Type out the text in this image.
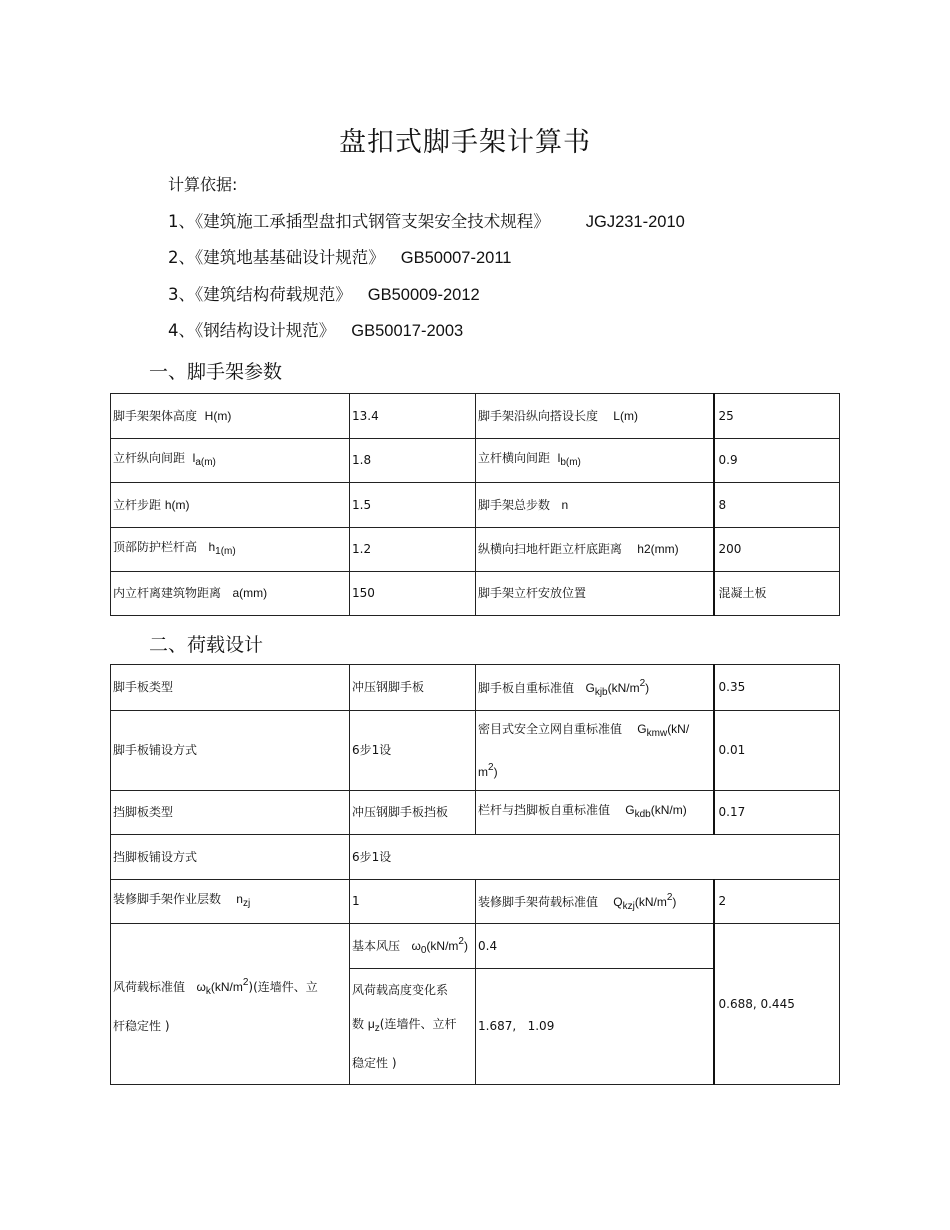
盘扣式脚手架计算书
计算依据:
1、《建筑施工承插型盘扣式钢管支架安全技术规程》 JGJ231-2010
2、《建筑地基基础设计规范》 GB50007-2011
3、《建筑结构荷载规范》 GB50009-2012
4、《钢结构设计规范》 GB50017-2003
一、脚手架参数
脚手架架体高度 H(m)	13.4	脚手架沿纵向搭设长度 L(m)	25
立杆纵向间距 $l_{a(m)}$	1.8	立杆横向间距 $l_{b(m)}$	0.9
立杆步距 h(m)	1.5	脚手架总步数 n	8
顶部防护栏杆高 $h_{1(m)}$	1.2	纵横向扫地杆距立杆底距离 h2(mm)	200
内立杆离建筑物距离 a(mm)	150	脚手架立杆安放位置	混凝土板
二、荷载设计
脚手板类型	冲压钢脚手板	脚手板自重标准值 $G_{kjb}(kN/m^2)$	0.35
脚手板铺设方式	6步1设	密目式安全立网自重标准值 $G_{kmw}(kN/$
$m^2$)	0.01
挡脚板类型	冲压钢脚手板挡板	栏杆与挡脚板自重标准值 $G_{kdb}(kN/m)$	0.17
挡脚板铺设方式	6步1设		
装修脚手架作业层数 $n_{zj}$	1	装修脚手架荷载标准值 $Q_{kzj}(kN/m^2)$	2
风荷载标准值 $\omega_k(kN/m^2)$(连墙件、立
杆稳定性 )	基本风压 $\omega_0(kN/m^2)$	0.4	0.688, 0.445
	风荷载高度变化系
数 $\mu_z$(连墙件、立杆
稳定性 )	1.687,   1.09	
